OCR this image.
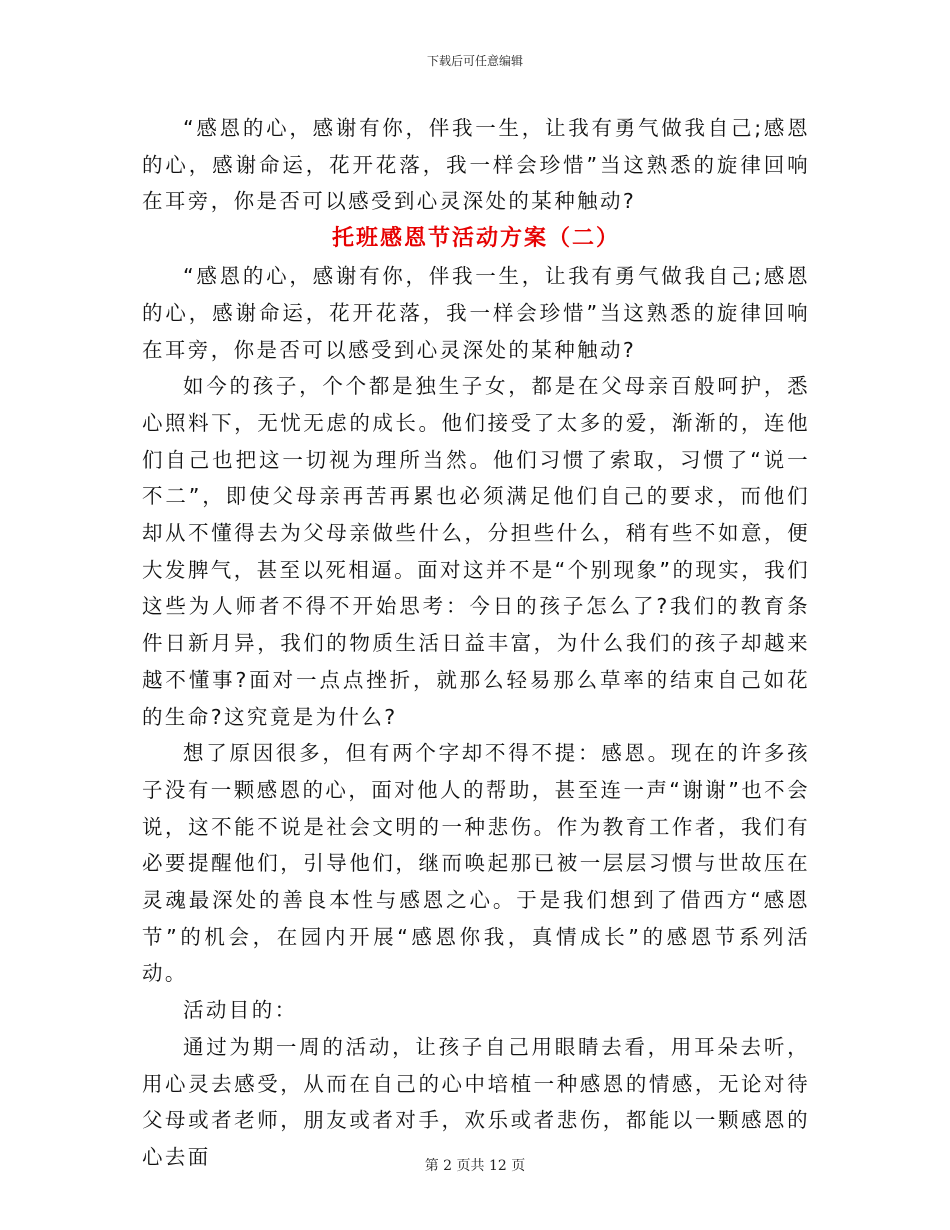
下载后可任意编辑

“感恩的心，感谢有你，伴我一生，让我有勇气做我自己;感恩的心，感谢命运，花开花落，我一样会珍惜”当这熟悉的旋律回响在耳旁，你是否可以感受到心灵深处的某种触动?

托班感恩节活动方案（二）

“感恩的心，感谢有你，伴我一生，让我有勇气做我自己;感恩的心，感谢命运，花开花落，我一样会珍惜”当这熟悉的旋律回响在耳旁，你是否可以感受到心灵深处的某种触动?

如今的孩子，个个都是独生子女，都是在父母亲百般呵护，悉心照料下，无忧无虑的成长。他们接受了太多的爱，渐渐的，连他们自己也把这一切视为理所当然。他们习惯了索取，习惯了“说一不二”，即使父母亲再苦再累也必须满足他们自己的要求，而他们却从不懂得去为父母亲做些什么，分担些什么，稍有些不如意，便大发脾气，甚至以死相逼。面对这并不是“个别现象”的现实，我们这些为人师者不得不开始思考：今日的孩子怎么了?我们的教育条件日新月异，我们的物质生活日益丰富，为什么我们的孩子却越来越不懂事?面对一点点挫折，就那么轻易那么草率的结束自己如花的生命?这究竟是为什么?

想了原因很多，但有两个字却不得不提：感恩。现在的许多孩子没有一颗感恩的心，面对他人的帮助，甚至连一声“谢谢”也不会说，这不能不说是社会文明的一种悲伤。作为教育工作者，我们有必要提醒他们，引导他们，继而唤起那已被一层层习惯与世故压在灵魂最深处的善良本性与感恩之心。于是我们想到了借西方“感恩节”的机会，在园内开展“感恩你我，真情成长”的感恩节系列活动。

活动目的：

通过为期一周的活动，让孩子自己用眼睛去看，用耳朵去听，用心灵去感受，从而在自己的心中培植一种感恩的情感，无论对待父母或者老师，朋友或者对手，欢乐或者悲伤，都能以一颗感恩的心去面	第 2 页共 12 页
